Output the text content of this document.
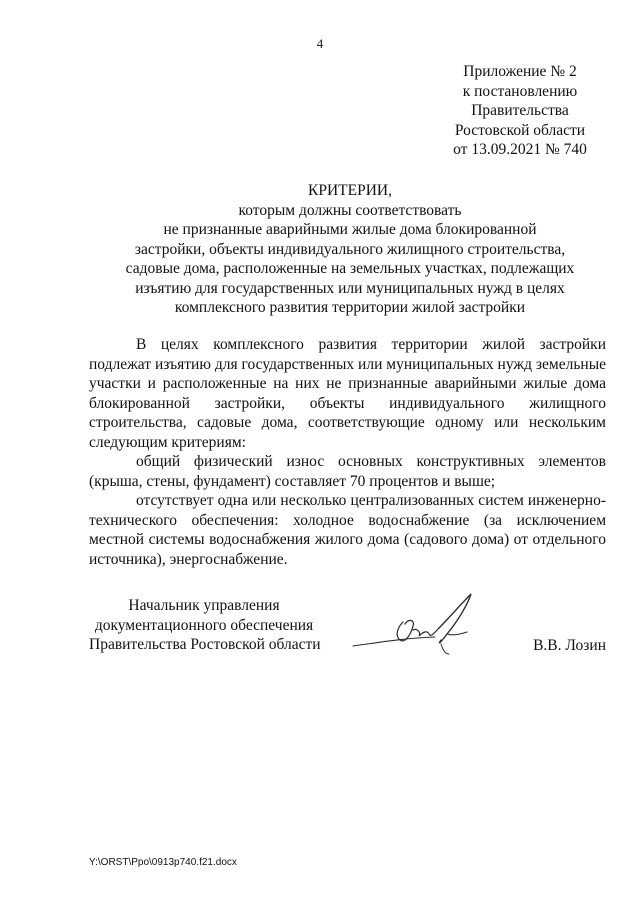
4
Приложение № 2
к постановлению
Правительства
Ростовской области
от 13.09.2021 № 740
КРИТЕРИИ,
которым должны соответствовать
не признанные аварийными жилые дома блокированной
застройки, объекты индивидуального жилищного строительства,
садовые дома, расположенные на земельных участках, подлежащих
изъятию для государственных или муниципальных нужд в целях
комплексного развития территории жилой застройки

В целях комплексного развития территории жилой застройки подлежат изъятию для государственных или муниципальных нужд земельные участки и расположенные на них не признанные аварийными жилые дома блокированной застройки, объекты индивидуального жилищного строительства, садовые дома, соответствующие одному или нескольким следующим критериям:

общий физический износ основных конструктивных элементов (крыша, стены, фундамент) составляет 70 процентов и выше;

отсутствует одна или несколько централизованных систем инженерно-технического обеспечения: холодное водоснабжение (за исключением местной системы водоснабжения жилого дома (садового дома) от отдельного источника), энергоснабжение.

Начальник управления
документационного обеспечения
Правительства Ростовской области	В.В. Лозин
Y:\ORST\Ppo\0913p740.f21.docx
